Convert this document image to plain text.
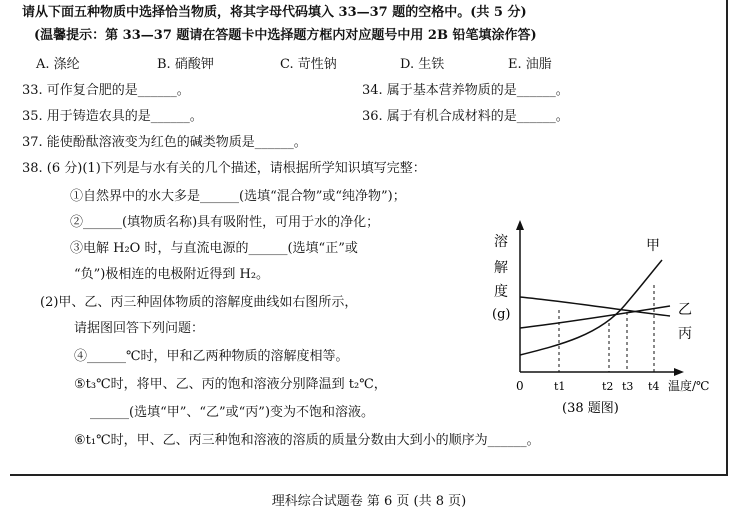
请从下面五种物质中选择恰当物质，将其字母代码填入 33—37 题的空格中。(共 5 分)
(温馨提示：第 33—37 题请在答题卡中选择题方框内对应题号中用 2B 铅笔填涂作答)
A. 涤纶	B. 硝酸钾	C. 苛性钠	D. 生铁	E. 油脂
33. 可作复合肥的是______。	34. 属于基本营养物质的是______。
35. 用于铸造农具的是______。	36. 属于有机合成材料的是______。
37. 能使酚酞溶液变为红色的碱类物质是______。
38. (6 分)(1)下列是与水有关的几个描述，请根据所学知识填写完整：
①自然界中的水大多是______(选填“混合物”或“纯净物”)；
②______(填物质名称)具有吸附性，可用于水的净化；
③电解 H₂O 时，与直流电源的______(选填“正”或
“负”)极相连的电极附近得到 H₂。
(2)甲、乙、丙三种固体物质的溶解度曲线如右图所示，
请据图回答下列问题：
④______℃时，甲和乙两种物质的溶解度相等。
⑤t₃℃时，将甲、乙、丙的饱和溶液分别降温到 t₂℃，
______(选填“甲”、“乙”或“丙”)变为不饱和溶液。
⑥t₁℃时，甲、乙、丙三种饱和溶液的溶质的质量分数由大到小的顺序为______。
溶
解
度
(g)
甲
乙
丙
0	t1	t2 t3 t4 温度/℃
(38 题图)
理科综合试题卷 第 6 页 (共 8 页)
